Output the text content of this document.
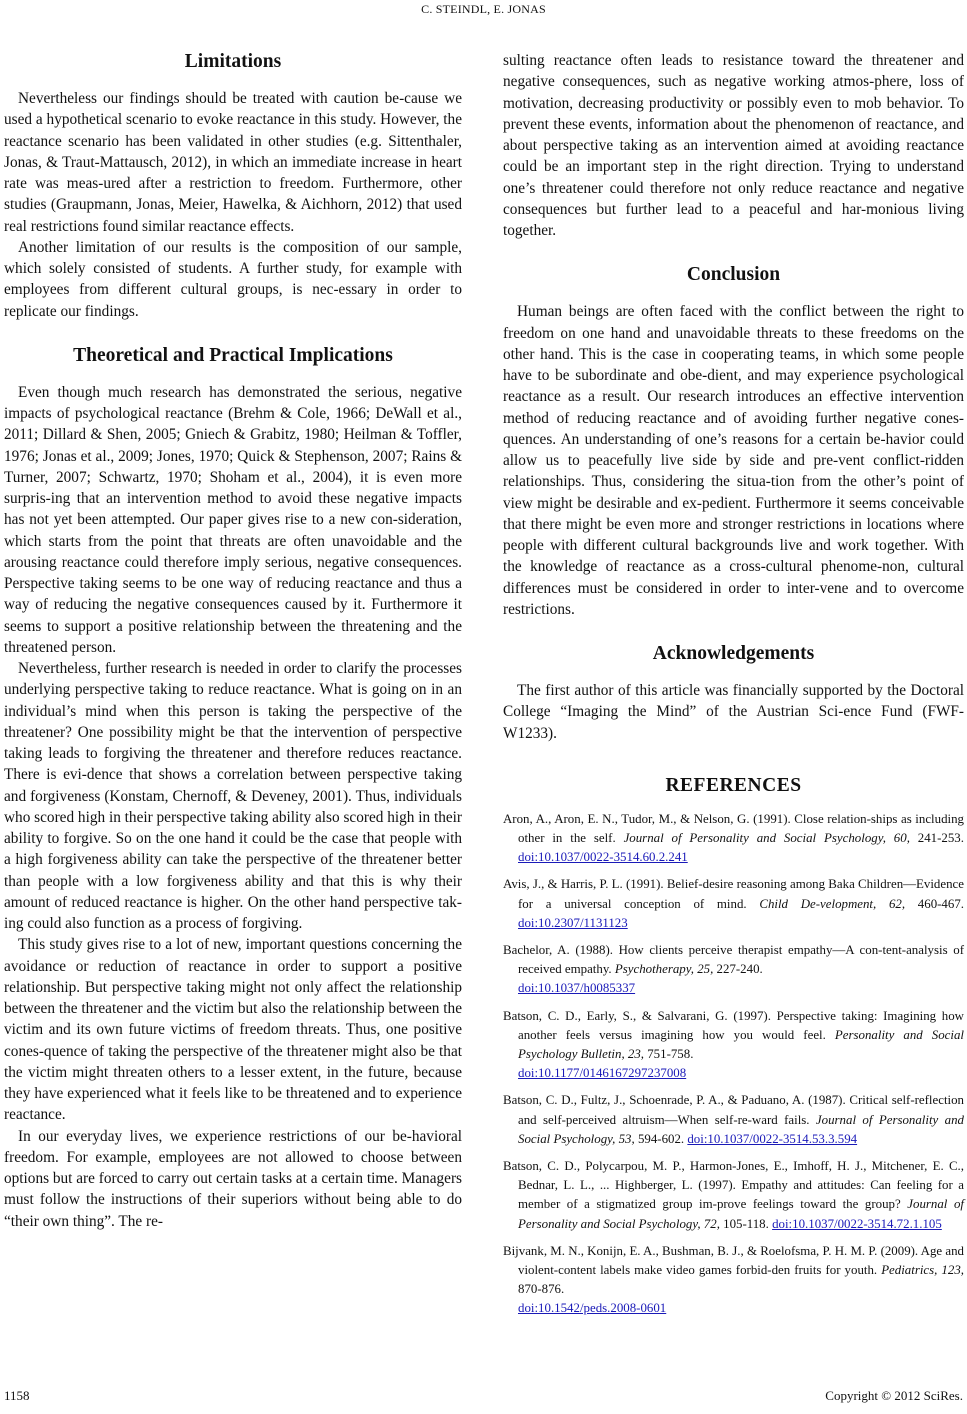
C. STEINDL, E. JONAS
Limitations

Nevertheless our findings should be treated with caution be-cause we used a hypothetical scenario to evoke reactance in this study. However, the reactance scenario has been validated in other studies (e.g. Sittenthaler, Jonas, & Traut-Mattausch, 2012), in which an immediate increase in heart rate was meas-ured after a restriction to freedom. Furthermore, other studies (Graupmann, Jonas, Meier, Hawelka, & Aichhorn, 2012) that used real restrictions found similar reactance effects.

Another limitation of our results is the composition of our sample, which solely consisted of students. A further study, for example with employees from different cultural groups, is nec-essary in order to replicate our findings.

Theoretical and Practical Implications

Even though much research has demonstrated the serious, negative impacts of psychological reactance (Brehm & Cole, 1966; DeWall et al., 2011; Dillard & Shen, 2005; Gniech & Grabitz, 1980; Heilman & Toffler, 1976; Jonas et al., 2009; Jones, 1970; Quick & Stephenson, 2007; Rains & Turner, 2007; Schwartz, 1970; Shoham et al., 2004), it is even more surpris-ing that an intervention method to avoid these negative impacts has not yet been attempted. Our paper gives rise to a new con-sideration, which starts from the point that threats are often unavoidable and the arousing reactance could therefore imply serious, negative consequences. Perspective taking seems to be one way of reducing reactance and thus a way of reducing the negative consequences caused by it. Furthermore it seems to support a positive relationship between the threatening and the threatened person.

Nevertheless, further research is needed in order to clarify the processes underlying perspective taking to reduce reactance. What is going on in an individual’s mind when this person is taking the perspective of the threatener? One possibility might be that the intervention of perspective taking leads to forgiving the threatener and therefore reduces reactance. There is evi-dence that shows a correlation between perspective taking and forgiveness (Konstam, Chernoff, & Deveney, 2001). Thus, individuals who scored high in their perspective taking ability also scored high in their ability to forgive. So on the one hand it could be the case that people with a high forgiveness ability can take the perspective of the threatener better than people with a low forgiveness ability and that this is why their amount of reduced reactance is higher. On the other hand perspective tak-ing could also function as a process of forgiving.

This study gives rise to a lot of new, important questions concerning the avoidance or reduction of reactance in order to support a positive relationship. But perspective taking might not only affect the relationship between the threatener and the victim but also the relationship between the victim and its own future victims of freedom threats. Thus, one positive cones-quence of taking the perspective of the threatener might also be that the victim might threaten others to a lesser extent, in the future, because they have experienced what it feels like to be threatened and to experience reactance.

In our everyday lives, we experience restrictions of our be-havioral freedom. For example, employees are not allowed to choose between options but are forced to carry out certain tasks at a certain time. Managers must follow the instructions of their superiors without being able to do “their own thing”. The re-

sulting reactance often leads to resistance toward the threatener and negative consequences, such as negative working atmos-phere, loss of motivation, decreasing productivity or possibly even to mob behavior. To prevent these events, information about the phenomenon of reactance, and about perspective taking as an intervention aimed at avoiding reactance could be an important step in the right direction. Trying to understand one’s threatener could therefore not only reduce reactance and negative consequences but further lead to a peaceful and har-monious living together.

Conclusion

Human beings are often faced with the conflict between the right to freedom on one hand and unavoidable threats to these freedoms on the other hand. This is the case in cooperating teams, in which some people have to be subordinate and obe-dient, and may experience psychological reactance as a result. Our research introduces an effective intervention method of reducing reactance and of avoiding further negative cones-quences. An understanding of one’s reasons for a certain be-havior could allow us to peacefully live side by side and pre-vent conflict-ridden relationships. Thus, considering the situa-tion from the other’s point of view might be desirable and ex-pedient. Furthermore it seems conceivable that there might be even more and stronger restrictions in locations where people with different cultural backgrounds live and work together. With the knowledge of reactance as a cross-cultural phenome-non, cultural differences must be considered in order to inter-vene and to overcome restrictions.

Acknowledgements

The first author of this article was financially supported by the Doctoral College “Imaging the Mind” of the Austrian Sci-ence Fund (FWF-W1233).

REFERENCES

Aron, A., Aron, E. N., Tudor, M., & Nelson, G. (1991). Close relation-ships as including other in the self. Journal of Personality and Social Psychology, 60, 241-253. doi:10.1037/0022-3514.60.2.241

Avis, J., & Harris, P. L. (1991). Belief-desire reasoning among Baka Children—Evidence for a universal conception of mind. Child De-velopment, 62, 460-467. doi:10.2307/1131123

Bachelor, A. (1988). How clients perceive therapist empathy—A con-tent-analysis of received empathy. Psychotherapy, 25, 227-240.
doi:10.1037/h0085337

Batson, C. D., Early, S., & Salvarani, G. (1997). Perspective taking: Imagining how another feels versus imagining how you would feel. Personality and Social Psychology Bulletin, 23, 751-758.
doi:10.1177/0146167297237008

Batson, C. D., Fultz, J., Schoenrade, P. A., & Paduano, A. (1987). Critical self-reflection and self-perceived altruism—When self-re-ward fails. Journal of Personality and Social Psychology, 53, 594-602. doi:10.1037/0022-3514.53.3.594

Batson, C. D., Polycarpou, M. P., Harmon-Jones, E., Imhoff, H. J., Mitchener, E. C., Bednar, L. L., ... Highberger, L. (1997). Empathy and attitudes: Can feeling for a member of a stigmatized group im-prove feelings toward the group? Journal of Personality and Social Psychology, 72, 105-118. doi:10.1037/0022-3514.72.1.105

Bijvank, M. N., Konijn, E. A., Bushman, B. J., & Roelofsma, P. H. M. P. (2009). Age and violent-content labels make video games forbid-den fruits for youth. Pediatrics, 123, 870-876.
doi:10.1542/peds.2008-0601

1158	Copyright © 2012 SciRes.
